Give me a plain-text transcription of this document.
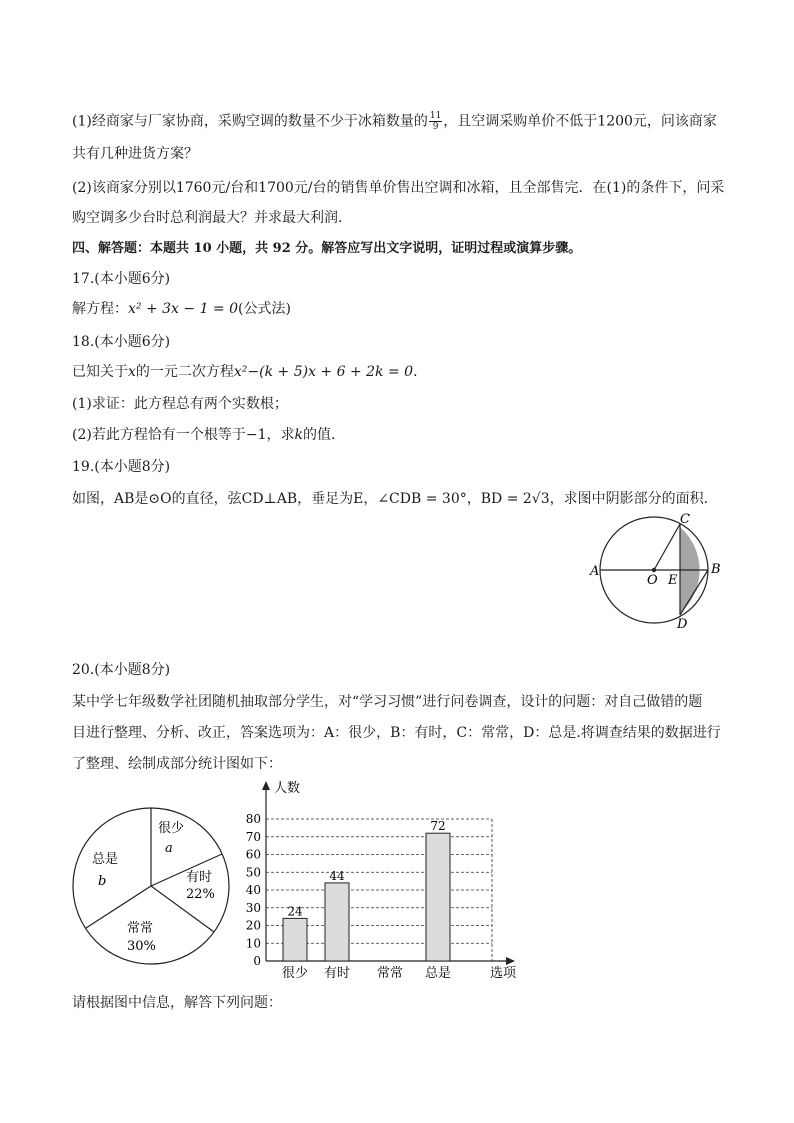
(1)经商家与厂家协商，采购空调的数量不少于冰箱数量的 $\frac{11}{9}$ ，且空调采购单价不低于1200元，问该商家
共有几种进货方案？
(2)该商家分别以1760元/台和1700元/台的销售单价售出空调和冰箱，且全部售完．在(1)的条件下，问采
购空调多少台时总利润最大？并求最大利润．
四、解答题：本题共 10 小题，共 92 分。解答应写出文字说明，证明过程或演算步骤。
17.(本小题6分)
解方程：x² + 3x − 1 = 0(公式法)
18.(本小题6分)
已知关于x的一元二次方程x²−(k + 5)x + 6 + 2k = 0．
(1)求证：此方程总有两个实数根；
(2)若此方程恰有一个根等于−1，求k的值．
19.(本小题8分)
如图，AB是⊙O的直径，弦CD⊥AB，垂足为E，∠CDB = 30°，BD = 2√3，求图中阴影部分的面积．
A	B
C
D
O E
20.(本小题8分)
某中学七年级数学社团随机抽取部分学生，对“学习习惯”进行问卷调查，设计的问题：对自己做错的题
目进行整理、分析、改正，答案选项为：A：很少，B：有时，C：常常，D：总是.将调查结果的数据进行
了整理、绘制成部分统计图如下：
很少
a
有时
22%
常常
30%
总是
b
0
10
20
30
40
50
60
70
80
人数
选项
24
很少
44
有时 常常
72
总是
请根据图中信息，解答下列问题：
